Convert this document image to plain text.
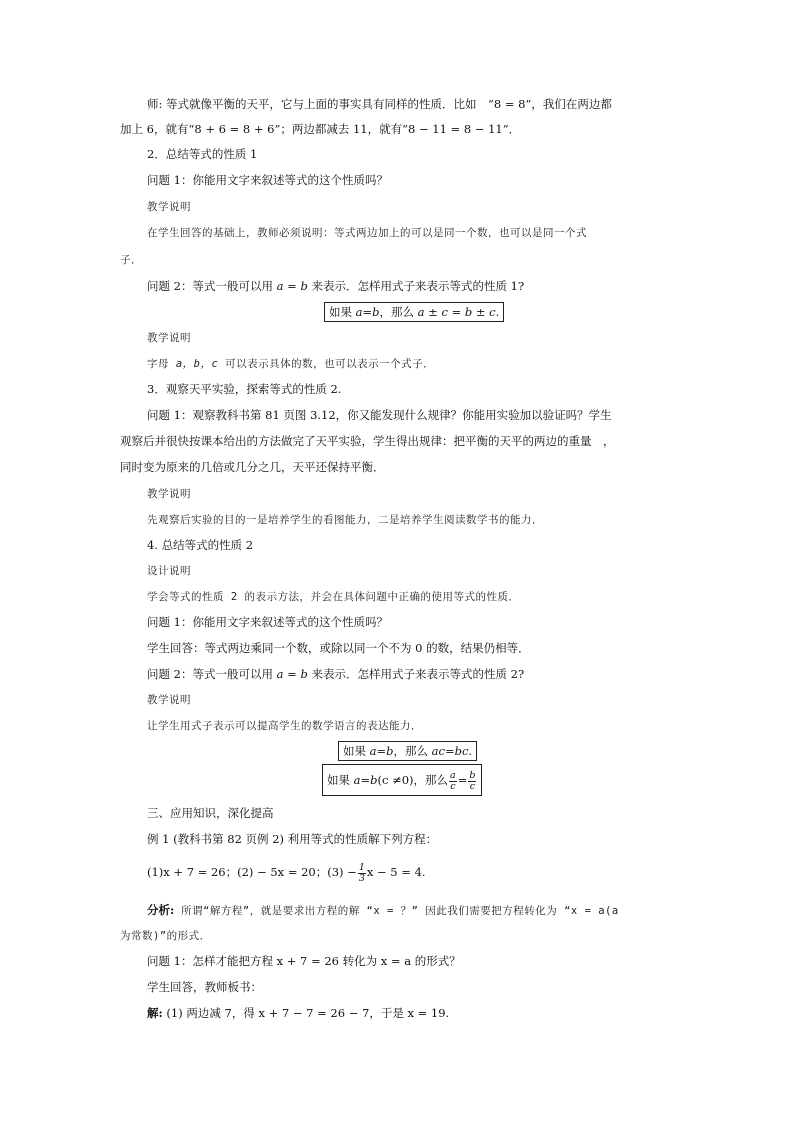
师: 等式就像平衡的天平，它与上面的事实具有同样的性质．比如　“8 = 8”，我们在两边都
加上 6，就有“8 + 6 = 8 + 6”；两边都减去 11，就有“8 − 11 = 8 − 11”．
2．总结等式的性质 1
问题 1：你能用文字来叙述等式的这个性质吗？
教学说明
在学生回答的基础上，教师必须说明：等式两边加上的可以是同一个数，也可以是同一个式
子．
问题 2：等式一般可以用 a = b 来表示．怎样用式子来表示等式的性质 1?
如果 a=b，那么 a ± c = b ± c.
教学说明
字母 a，b，c 可以表示具体的数，也可以表示一个式子．
3．观察天平实验，探索等式的性质 2.
问题 1：观察教科书第 81 页图 3.12，你又能发现什么规律？你能用实验加以验证吗？学生
观察后并很快按课本给出的方法做完了天平实验，学生得出规律：把平衡的天平的两边的重量　，
同时变为原来的几倍或几分之几，天平还保持平衡．
教学说明
先观察后实验的目的一是培养学生的看图能力，二是培养学生阅读数学书的能力．
4. 总结等式的性质 2
设计说明
学会等式的性质 2 的表示方法，并会在具体问题中正确的使用等式的性质．
问题 1：你能用文字来叙述等式的这个性质吗？
学生回答：等式两边乘同一个数，或除以同一个不为 0 的数，结果仍相等．
问题 2：等式一般可以用 a = b 来表示．怎样用式子来表示等式的性质 2?
教学说明
让学生用式子表示可以提高学生的数学语言的表达能力．
如果 a=b，那么 ac=bc.
如果 a=b(c ≠0)，那么 $\frac{a}{c} = \frac{b}{c}$
三、应用知识，深化提高
例 1 (教科书第 82 页例 2) 利用等式的性质解下列方程：
(1)x + 7 = 26；(2) − 5x = 20；$(3) - \frac{1}{3}$ x − 5 = 4.
分析: 所谓“解方程”，就是要求出方程的解 “x = ？” 因此我们需要把方程转化为 “x = a(a
为常数)”的形式．
问题 1：怎样才能把方程 x + 7 = 26 转化为 x = a 的形式？
学生回答，教师板书：
解: (1) 两边减 7，得 x + 7 − 7 = 26 − 7，于是 x = 19.
